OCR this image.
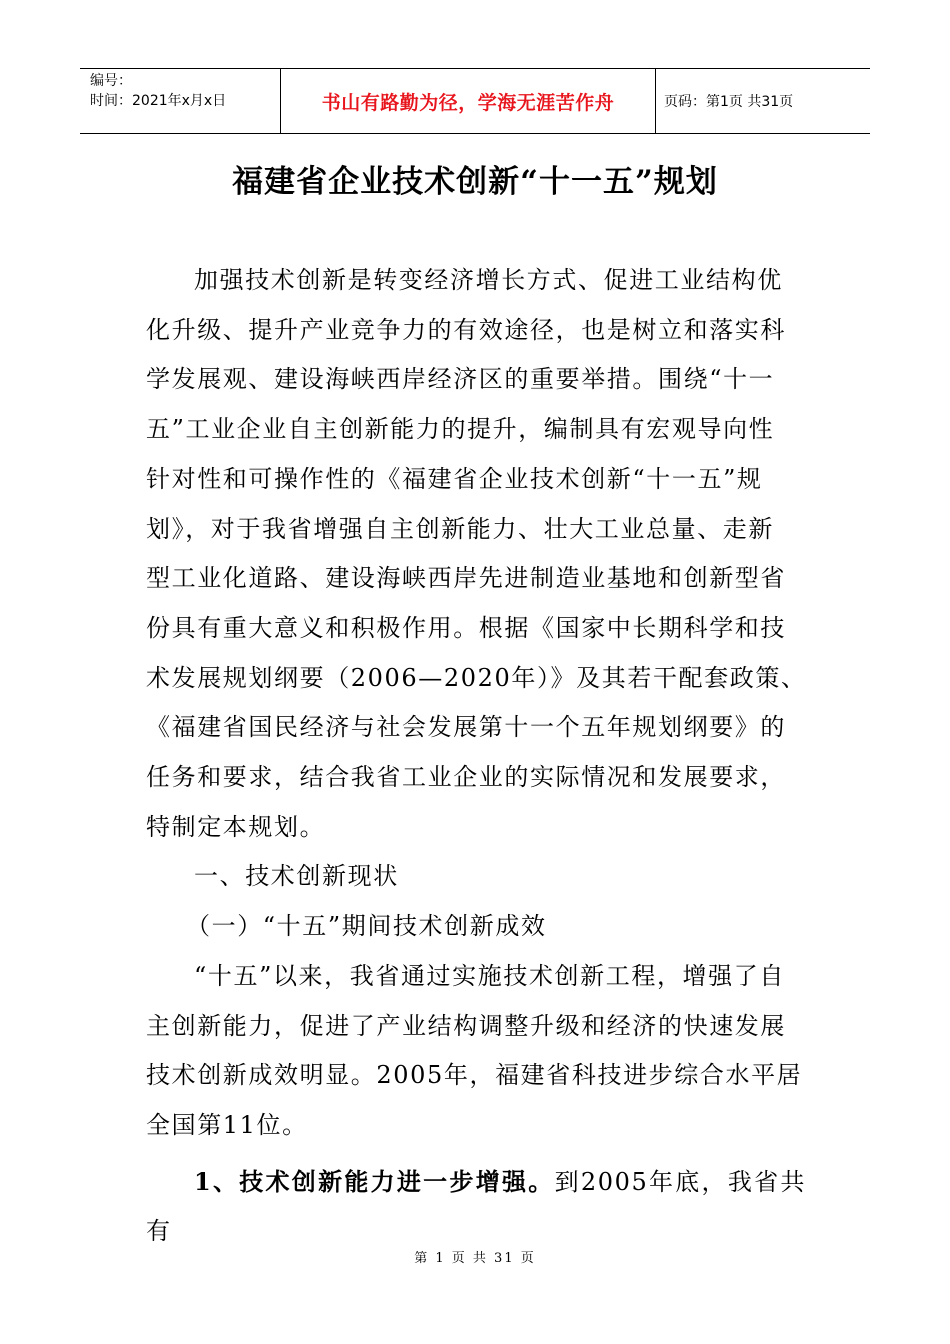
编号：
时间：2021年x月x日	书山有路勤为径，学海无涯苦作舟	页码：第1页 共31页
福建省企业技术创新“十一五”规划

加强技术创新是转变经济增长方式、促进工业结构优
化升级、提升产业竞争力的有效途径，也是树立和落实科
学发展观、建设海峡西岸经济区的重要举措。围绕“十一
五”工业企业自主创新能力的提升，编制具有宏观导向性
针对性和可操作性的《福建省企业技术创新“十一五”规
划》，对于我省增强自主创新能力、壮大工业总量、走新
型工业化道路、建设海峡西岸先进制造业基地和创新型省
份具有重大意义和积极作用。根据《国家中长期科学和技
术发展规划纲要（2006—2020年）》及其若干配套政策、
《福建省国民经济与社会发展第十一个五年规划纲要》的
任务和要求，结合我省工业企业的实际情况和发展要求，
特制定本规划。

一、技术创新现状

（一）“十五”期间技术创新成效

“十五”以来，我省通过实施技术创新工程，增强了自
主创新能力，促进了产业结构调整升级和经济的快速发展
技术创新成效明显。2005年，福建省科技进步综合水平居
全国第11位。

1、技术创新能力进一步增强。到2005年底，我省共有

第 1 页 共 31 页
